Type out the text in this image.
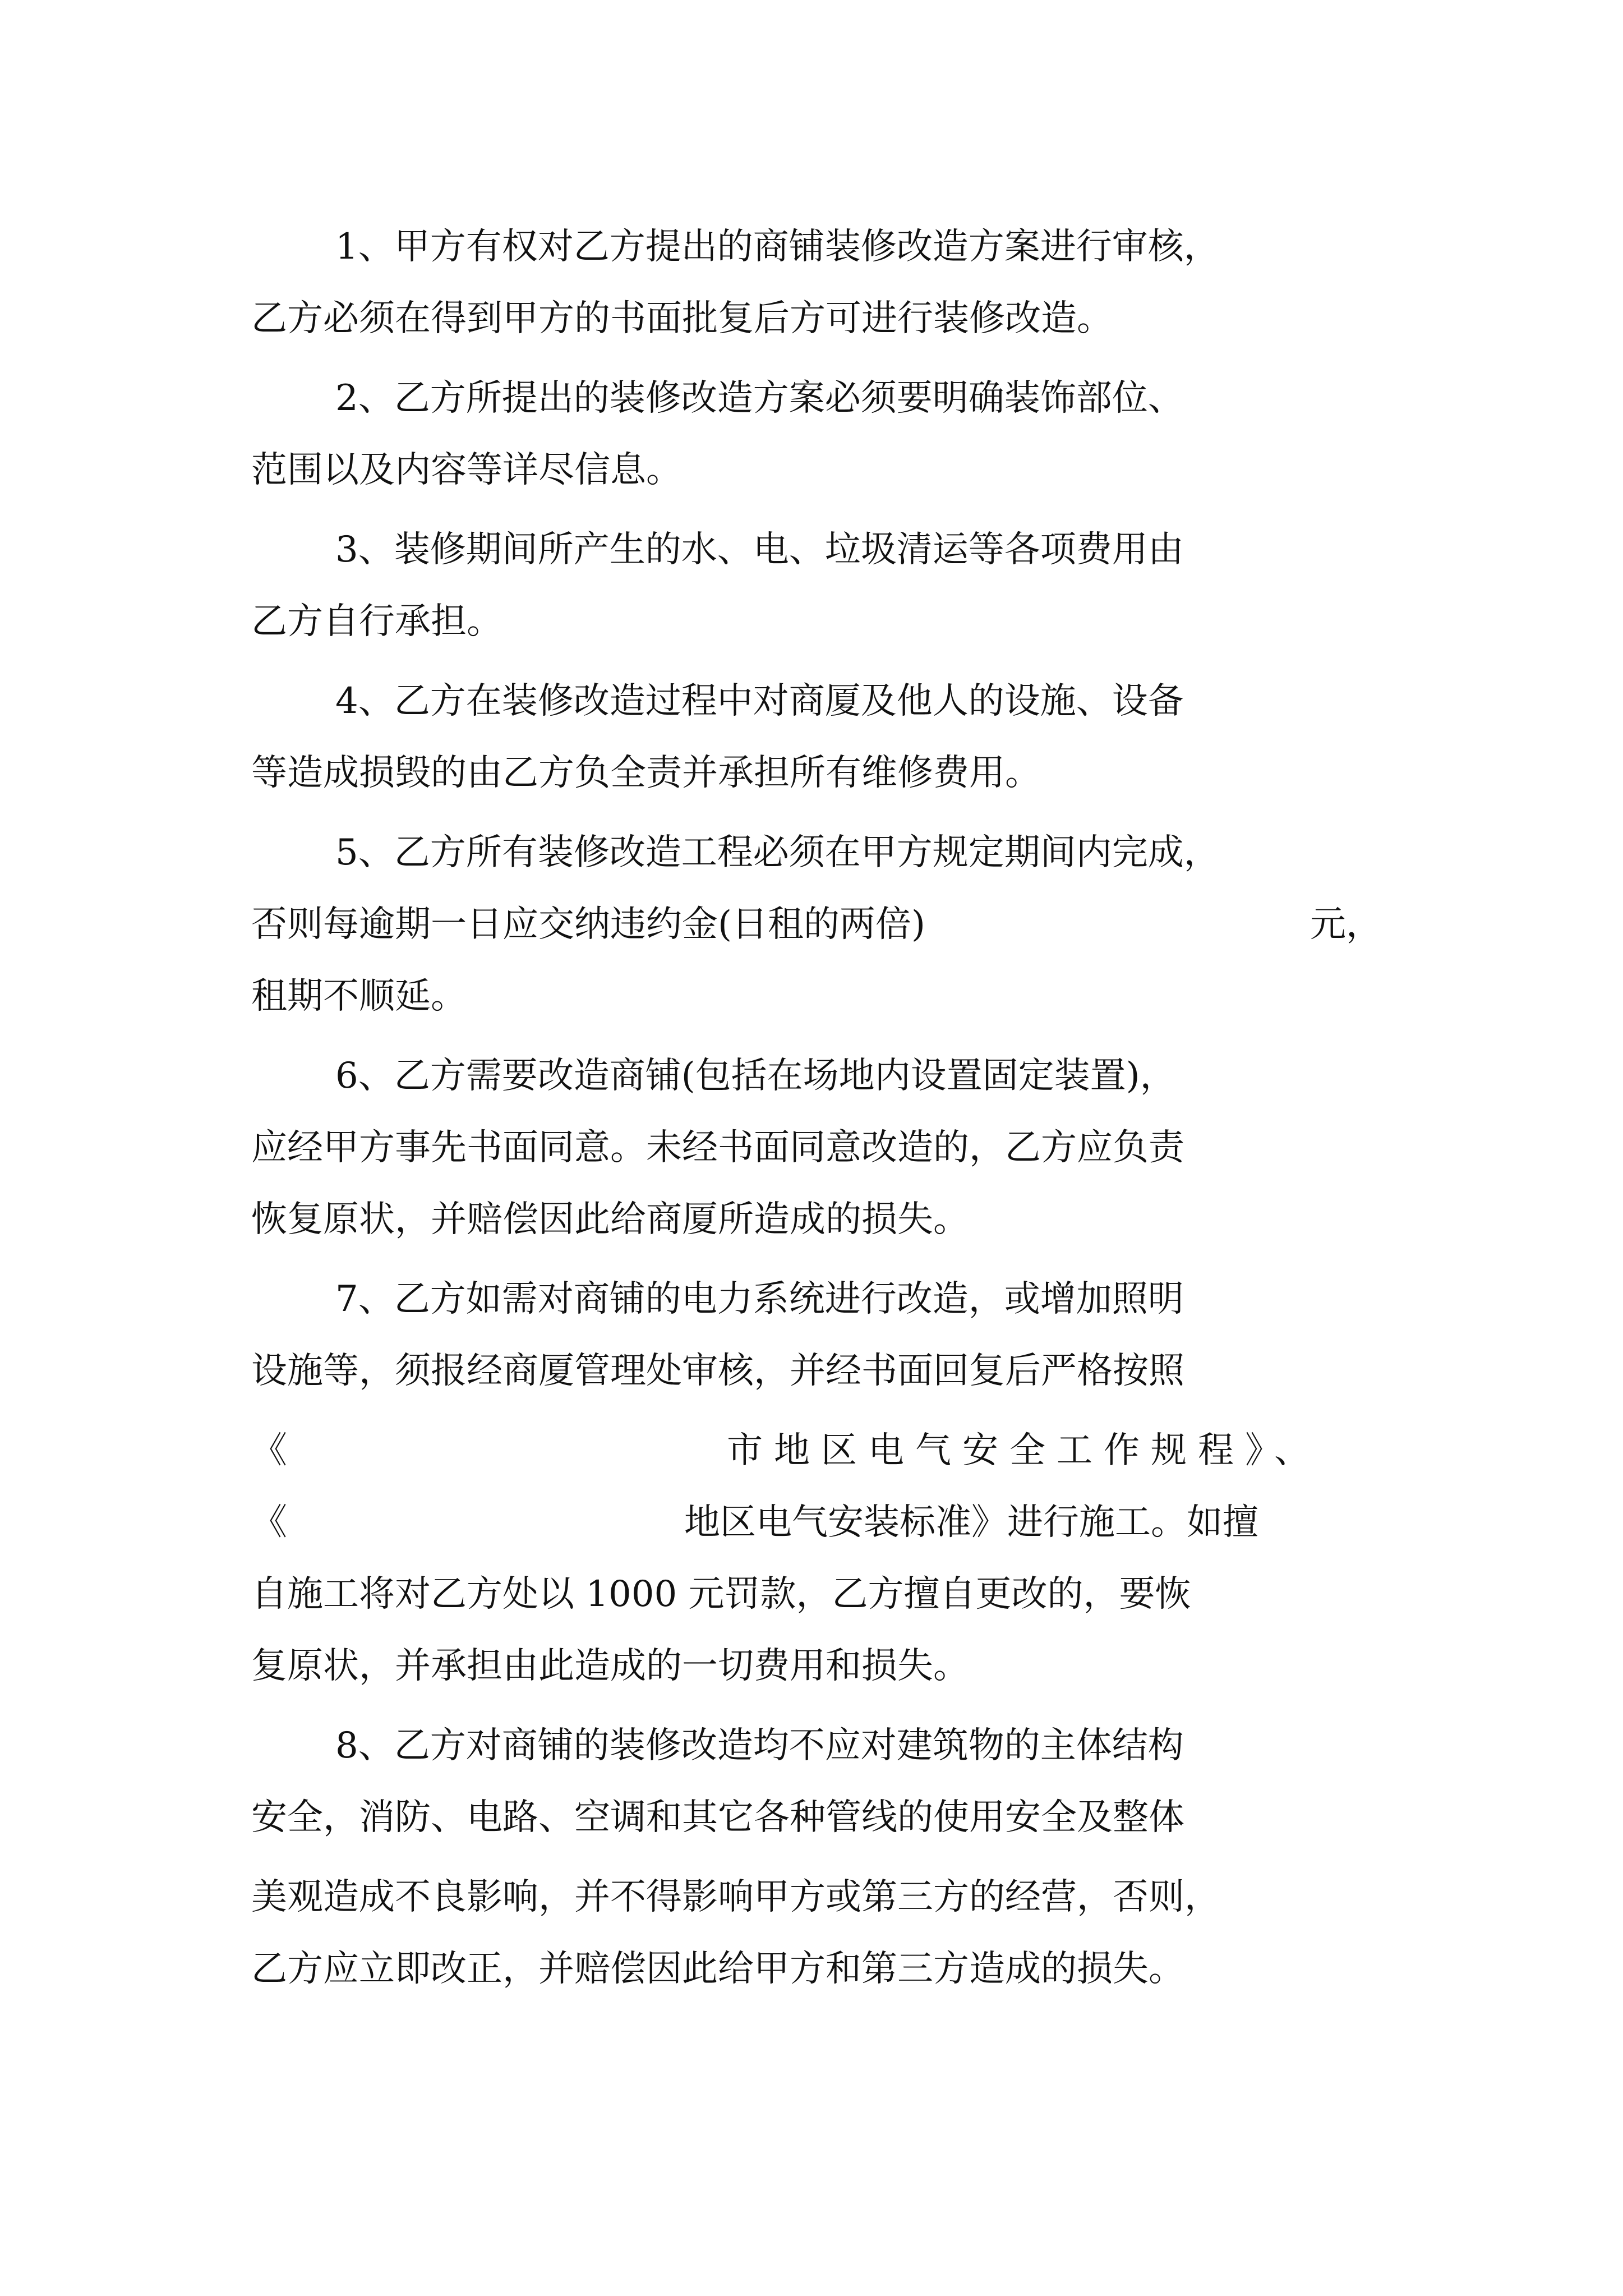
1、甲方有权对乙方提出的商铺装修改造方案进行审核，

乙方必须在得到甲方的书面批复后方可进行装修改造。

2、乙方所提出的装修改造方案必须要明确装饰部位、

范围以及内容等详尽信息。

3、装修期间所产生的水、电、垃圾清运等各项费用由

乙方自行承担。

4、乙方在装修改造过程中对商厦及他人的设施、设备

等造成损毁的由乙方负全责并承担所有维修费用。

5、乙方所有装修改造工程必须在甲方规定期间内完成，

否则每逾期一日应交纳违约金(日租的两倍)

	元，

租期不顺延。

6、乙方需要改造商铺(包括在场地内设置固定装置)，

应经甲方事先书面同意。未经书面同意改造的，乙方应负责

恢复原状，并赔偿因此给商厦所造成的损失。

7、乙方如需对商铺的电力系统进行改造，或增加照明

设施等，须报经商厦管理处审核，并经书面回复后严格按照

《

	市地区电气安全工作规程》、

《

	地区电气安装标准》进行施工。如擅

自施工将对乙方处以 1000 元罚款，乙方擅自更改的，要恢

复原状，并承担由此造成的一切费用和损失。

8、乙方对商铺的装修改造均不应对建筑物的主体结构

安全，消防、电路、空调和其它各种管线的使用安全及整体

美观造成不良影响，并不得影响甲方或第三方的经营，否则，

乙方应立即改正，并赔偿因此给甲方和第三方造成的损失。
